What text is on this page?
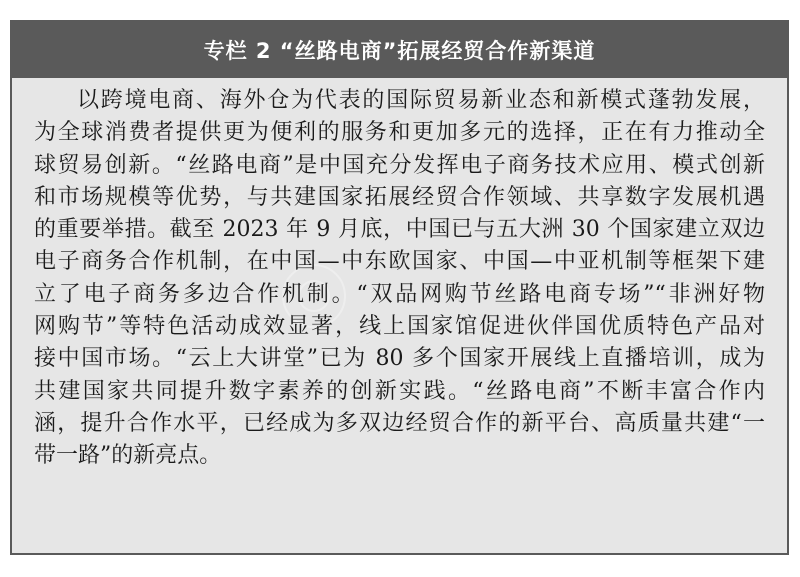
专栏 2 “丝路电商”拓展经贸合作新渠道

以跨境电商、海外仓为代表的国际贸易新业态和新模式蓬勃发展，
为全球消费者提供更为便利的服务和更加多元的选择，正在有力推动全
球贸易创新。“丝路电商”是中国充分发挥电子商务技术应用、模式创新
和市场规模等优势，与共建国家拓展经贸合作领域、共享数字发展机遇
的重要举措。截至 2023 年 9 月底，中国已与五大洲 30 个国家建立双边
电子商务合作机制，在中国—中东欧国家、中国—中亚机制等框架下建
立了电子商务多边合作机制。“双品网购节丝路电商专场”“非洲好物
网购节”等特色活动成效显著，线上国家馆促进伙伴国优质特色产品对
接中国市场。“云上大讲堂”已为 80 多个国家开展线上直播培训，成为
共建国家共同提升数字素养的创新实践。“丝路电商”不断丰富合作内
涵，提升合作水平，已经成为多双边经贸合作的新平台、高质量共建“一
带一路”的新亮点。
